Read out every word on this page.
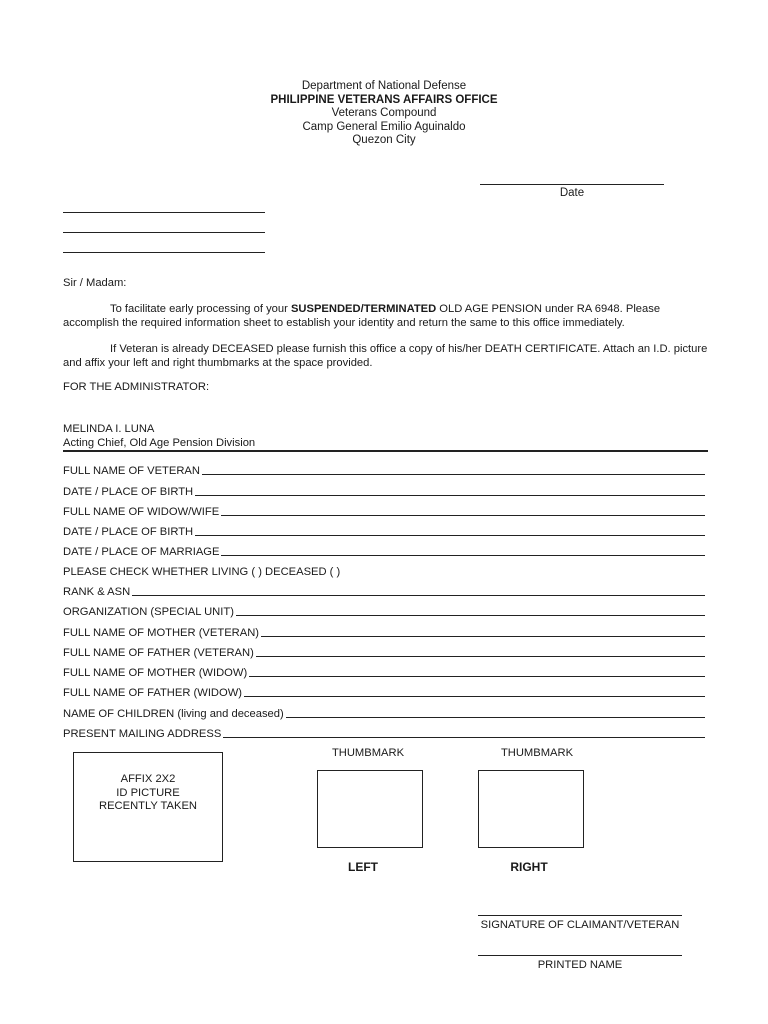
Department of National Defense
PHILIPPINE VETERANS AFFAIRS OFFICE
Veterans Compound
Camp General Emilio Aguinaldo
Quezon City
Date
Sir / Madam:
To facilitate early processing of your SUSPENDED/TERMINATED OLD AGE PENSION under RA 6948. Please accomplish the required information sheet to establish your identity and return the same to this office immediately.
If Veteran is already DECEASED please furnish this office a copy of his/her DEATH CERTIFICATE. Attach an I.D. picture and affix your left and right thumbmarks at the space provided.
FOR THE ADMINISTRATOR:
MELINDA I. LUNA
Acting Chief, Old Age Pension Division
FULL NAME OF VETERAN
DATE / PLACE OF BIRTH
FULL NAME OF WIDOW/WIFE
DATE / PLACE OF BIRTH
DATE / PLACE OF MARRIAGE
PLEASE CHECK WHETHER LIVING ( ) DECEASED ( )
RANK & ASN
ORGANIZATION (SPECIAL UNIT)
FULL NAME OF MOTHER (VETERAN)
FULL NAME OF FATHER (VETERAN)
FULL NAME OF MOTHER (WIDOW)
FULL NAME OF FATHER (WIDOW)
NAME OF CHILDREN (living and deceased)
PRESENT MAILING ADDRESS
AFFIX 2X2
ID PICTURE
RECENTLY TAKEN
THUMBMARK
LEFT
THUMBMARK
RIGHT
SIGNATURE OF CLAIMANT/VETERAN
PRINTED NAME
